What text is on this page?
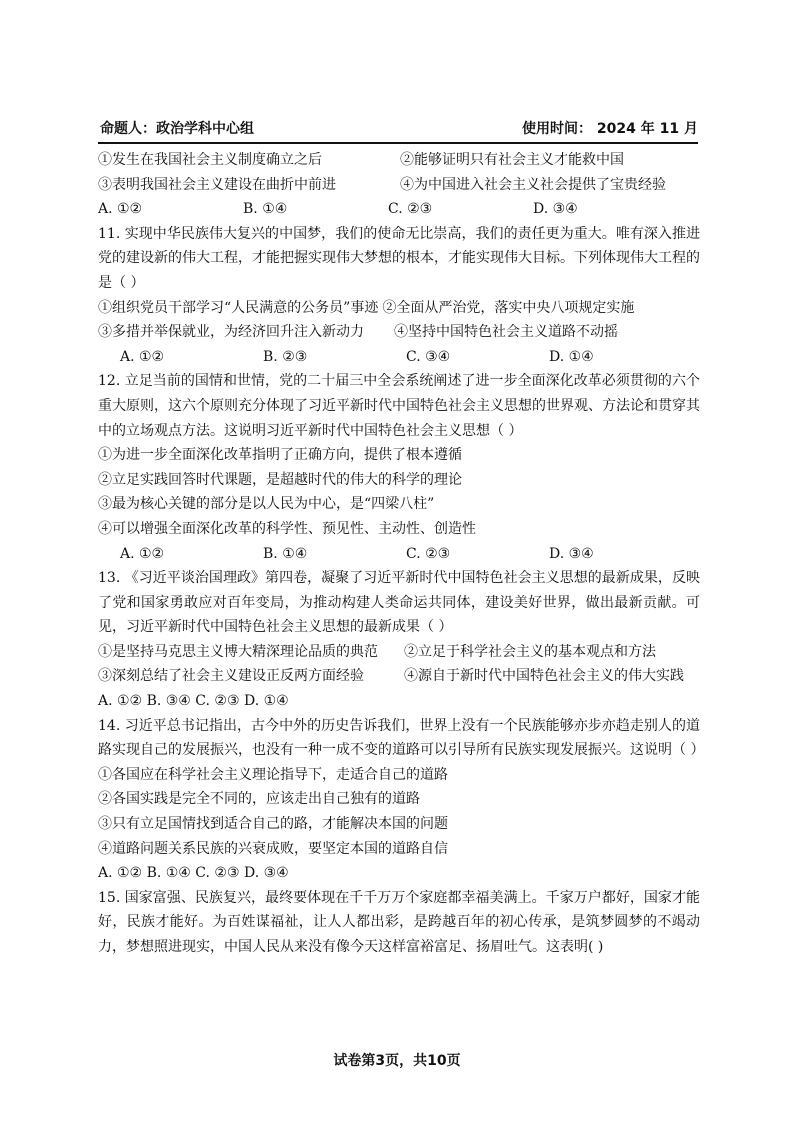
命题人：政治学科中心组	使用时间： 2024 年 11 月
①发生在我国社会主义制度确立之后	②能够证明只有社会主义才能救中国
③表明我国社会主义建设在曲折中前进	④为中国进入社会主义社会提供了宝贵经验
A. ①②	B. ①④	C. ②③	D. ③④
11. 实现中华民族伟大复兴的中国梦，我们的使命无比崇高，我们的责任更为重大。唯有深入推进党的建设新的伟大工程，才能把握实现伟大梦想的根本，才能实现伟大目标。下列体现伟大工程的是（ ）
①组织党员干部学习“人民满意的公务员”事迹 ②全面从严治党，落实中央八项规定实施
③多措并举保就业，为经济回升注入新动力	④坚持中国特色社会主义道路不动摇
A. ①②	B. ②③	C. ③④	D. ①④
12. 立足当前的国情和世情，党的二十届三中全会系统阐述了进一步全面深化改革必须贯彻的六个重大原则，这六个原则充分体现了习近平新时代中国特色社会主义思想的世界观、方法论和贯穿其中的立场观点方法。这说明习近平新时代中国特色社会主义思想（ ）
①为进一步全面深化改革指明了正确方向，提供了根本遵循
②立足实践回答时代课题，是超越时代的伟大的科学的理论
③最为核心关键的部分是以人民为中心，是“四梁八柱”
④可以增强全面深化改革的科学性、预见性、主动性、创造性
A. ①②	B. ①④	C. ②③	D. ③④
13. 《习近平谈治国理政》第四卷，凝聚了习近平新时代中国特色社会主义思想的最新成果，反映了党和国家勇敢应对百年变局，为推动构建人类命运共同体，建设美好世界，做出最新贡献。可见，习近平新时代中国特色社会主义思想的最新成果（ ）
①是坚持马克思主义博大精深理论品质的典范	②立足于科学社会主义的基本观点和方法
③深刻总结了社会主义建设正反两方面经验	④源自于新时代中国特色社会主义的伟大实践
A. ①② B. ③④ C. ②③ D. ①④
14. 习近平总书记指出，古今中外的历史告诉我们，世界上没有一个民族能够亦步亦趋走别人的道路实现自己的发展振兴，也没有一种一成不变的道路可以引导所有民族实现发展振兴。这说明（ ）
①各国应在科学社会主义理论指导下，走适合自己的道路
②各国实践是完全不同的，应该走出自己独有的道路
③只有立足国情找到适合自己的路，才能解决本国的问题
④道路问题关系民族的兴衰成败，要坚定本国的道路自信
A. ①② B. ①④ C. ②③ D. ③④
15. 国家富强、民族复兴，最终要体现在千千万万个家庭都幸福美满上。千家万户都好，国家才能好，民族才能好。为百姓谋福祉，让人人都出彩，是跨越百年的初心传承，是筑梦圆梦的不竭动力，梦想照进现实，中国人民从来没有像今天这样富裕富足、扬眉吐气。这表明( )
试卷第3页，共10页
